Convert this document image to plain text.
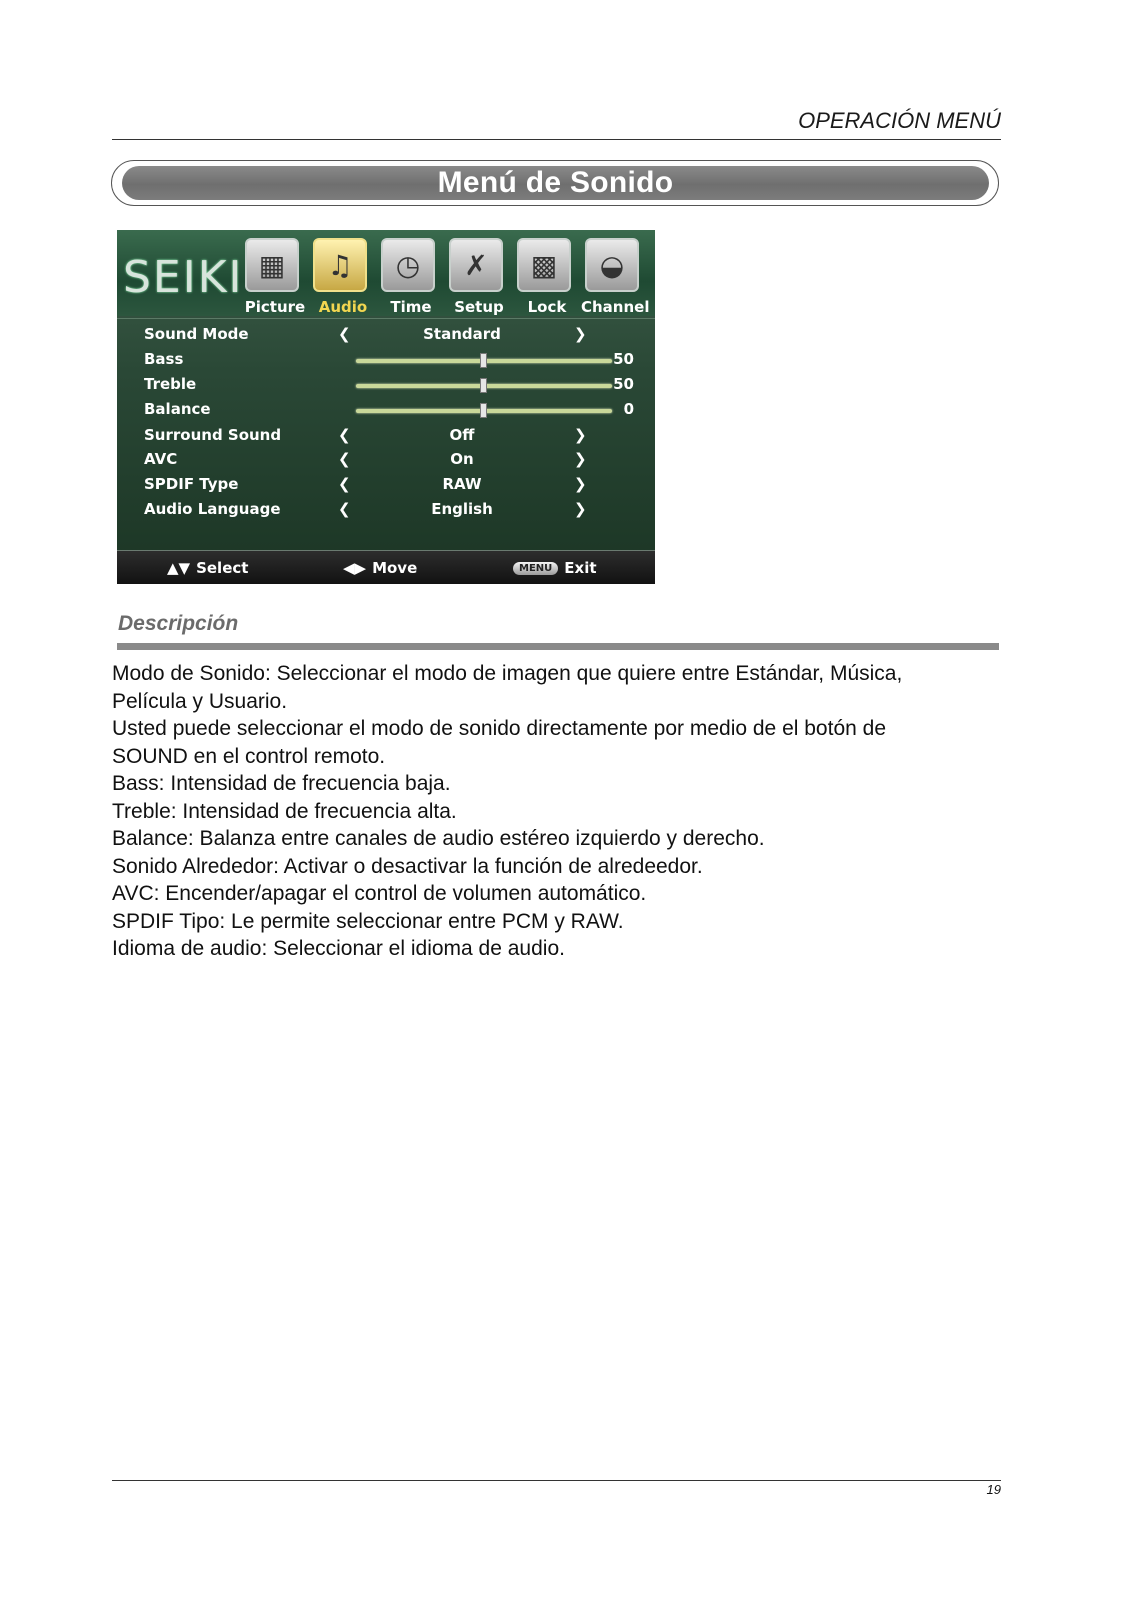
OPERACIÓN MENÚ
Menú de Sonido
SEIKI ▦	♫	◷	✗	▩	◒
Picture Audio	Time	Setup	Lock Channel
Sound Mode	❮	Standard	❯
Bass	50
Treble	50
Balance	0
Surround Sound	❮	Off	❯
AVC	❮	On	❯
SPDIF Type	❮	RAW	❯
Audio Language	❮	English	❯
▲▼ Select	◀▶ Move	MENU Exit
Descripción

Modo de Sonido: Seleccionar el modo de imagen que quiere entre Estándar, Música,

Película y Usuario.

Usted puede seleccionar el modo de sonido directamente por medio de el botón de

SOUND en el control remoto.

Bass: Intensidad de frecuencia baja.

Treble: Intensidad de frecuencia alta.

Balance: Balanza entre canales de audio estéreo izquierdo y derecho.

Sonido Alrededor: Activar o desactivar la función de alredeedor.

AVC: Encender/apagar el control de volumen automático.

SPDIF Tipo: Le permite seleccionar entre PCM y RAW.

Idioma de audio: Seleccionar el idioma de audio.

19
